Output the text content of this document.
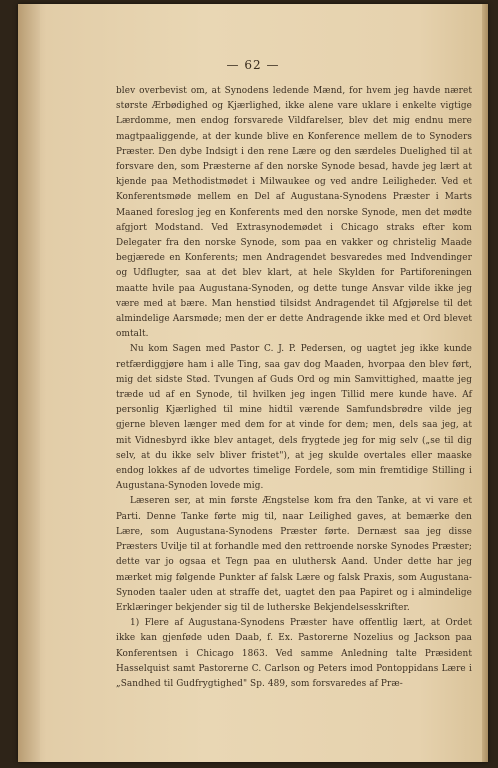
— 62 —

blev overbevist om, at Synodens ledende Mænd, for hvem jeg havde næret største Ærbødighed og Kjærlighed, ikke alene vare uklare i enkelte vigtige Lærdomme, men endog forsvarede Vildfarelser, blev det mig endnu mere magtpaaliggende, at der kunde blive en Konference mellem de to Synoders Præster. Den dybe Indsigt i den rene Lære og den særdeles Duelighed til at forsvare den, som Præsterne af den norske Synode besad, havde jeg lært at kjende paa Methodistmødet i Milwaukee og ved andre Leiligheder. Ved et Konferentsmøde mellem en Del af Augustana-Synodens Præster i Marts Maaned foreslog jeg en Konferents med den norske Synode, men det mødte afgjort Modstand. Ved Extrasynodemødet i Chicago straks efter kom Delegater fra den norske Synode, som paa en vakker og christelig Maade begjærede en Konferents; men Andragendet besvaredes med Indvendinger og Udflugter, saa at det blev klart, at hele Skylden for Partiforeningen maatte hvile paa Augustana-Synoden, og dette tunge Ansvar vilde ikke jeg være med at bære. Man henstiød tilsidst Andragendet til Afgjørelse til det almindelige Aarsmøde; men der er dette Andragende ikke med et Ord blevet omtalt.

Nu kom Sagen med Pastor C. J. P. Pedersen, og uagtet jeg ikke kunde retfærdiggjøre ham i alle Ting, saa gav dog Maaden, hvorpaa den blev ført, mig det sidste Stød. Tvungen af Guds Ord og min Samvittighed, maatte jeg træde ud af en Synode, til hvilken jeg ingen Tillid mere kunde have. Af personlig Kjærlighed til mine hidtil værende Samfundsbrødre vilde jeg gjerne bleven længer med dem for at vinde for dem; men, dels saa jeg, at mit Vidnesbyrd ikke blev antaget, dels frygtede jeg for mig selv („se til dig selv, at du ikke selv bliver fristet"), at jeg skulde overtales eller maaske endog lokkes af de udvortes timelige Fordele, som min fremtidige Stilling i Augustana-Synoden lovede mig.

Læseren ser, at min første Ængstelse kom fra den Tanke, at vi vare et Parti. Denne Tanke førte mig til, naar Leilighed gaves, at bemærke den Lære, som Augustana-Synodens Præster førte. Dernæst saa jeg disse Præsters Uvilje til at forhandle med den rettroende norske Synodes Præster; dette var jo ogsaa et Tegn paa en uluthersk Aand. Under dette har jeg mærket mig følgende Punkter af falsk Lære og falsk Praxis, som Augustana-Synoden taaler uden at straffe det, uagtet den paa Papiret og i almindelige Erklæringer bekjender sig til de lutherske Bekjendelsesskrifter.

1) Flere af Augustana-Synodens Præster have offentlig lært, at Ordet ikke kan gjenføde uden Daab, f. Ex. Pastorerne Nozelius og Jackson paa Konferentsen i Chicago 1863. Ved samme Anledning talte Præsident Hasselquist samt Pastorerne C. Carlson og Peters imod Pontoppidans Lære i „Sandhed til Gudfrygtighed" Sp. 489, som forsvaredes af Præ-
